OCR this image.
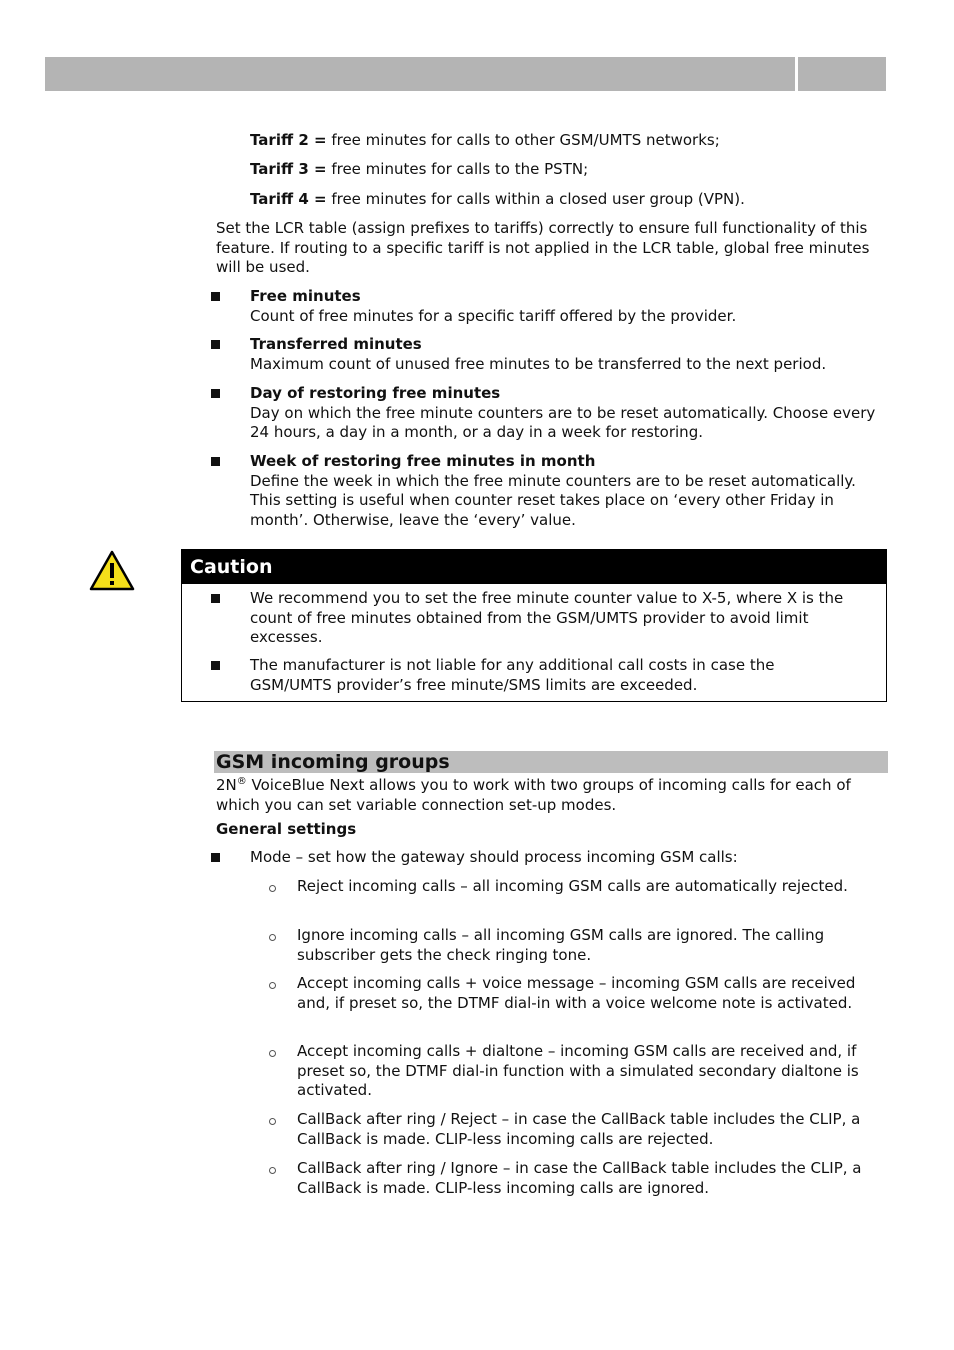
Tariff 2 = free minutes for calls to other GSM/UMTS networks;

Tariff 3 = free minutes for calls to the PSTN;

Tariff 4 = free minutes for calls within a closed user group (VPN).

Set the LCR table (assign prefixes to tariffs) correctly to ensure full functionality of this feature. If routing to a specific tariff is not applied in the LCR table, global free minutes will be used.

Free minutes
Count of free minutes for a specific tariff offered by the provider.

Transferred minutes
Maximum count of unused free minutes to be transferred to the next period.

Day of restoring free minutes
Day on which the free minute counters are to be reset automatically. Choose every 24 hours, a day in a month, or a day in a week for restoring.

Week of restoring free minutes in month
Define the week in which the free minute counters are to be reset automatically. This setting is useful when counter reset takes place on ‘every other Friday in month’. Otherwise, leave the ‘every’ value.

Caution

We recommend you to set the free minute counter value to X-5, where X is the count of free minutes obtained from the GSM/UMTS provider to avoid limit excesses.

The manufacturer is not liable for any additional call costs in case the GSM/UMTS provider’s free minute/SMS limits are exceeded.

GSM incoming groups

2N® VoiceBlue Next allows you to work with two groups of incoming calls for each of which you can set variable connection set-up modes.

General settings

Mode – set how the gateway should process incoming GSM calls:

Reject incoming calls – all incoming GSM calls are automatically rejected.

Ignore incoming calls – all incoming GSM calls are ignored. The calling subscriber gets the check ringing tone.

Accept incoming calls + voice message – incoming GSM calls are received and, if preset so, the DTMF dial-in with a voice welcome note is activated.

Accept incoming calls + dialtone – incoming GSM calls are received and, if preset so, the DTMF dial-in function with a simulated secondary dialtone is activated.

CallBack after ring / Reject – in case the CallBack table includes the CLIP, a CallBack is made. CLIP-less incoming calls are rejected.

CallBack after ring / Ignore – in case the CallBack table includes the CLIP, a CallBack is made. CLIP-less incoming calls are ignored.
